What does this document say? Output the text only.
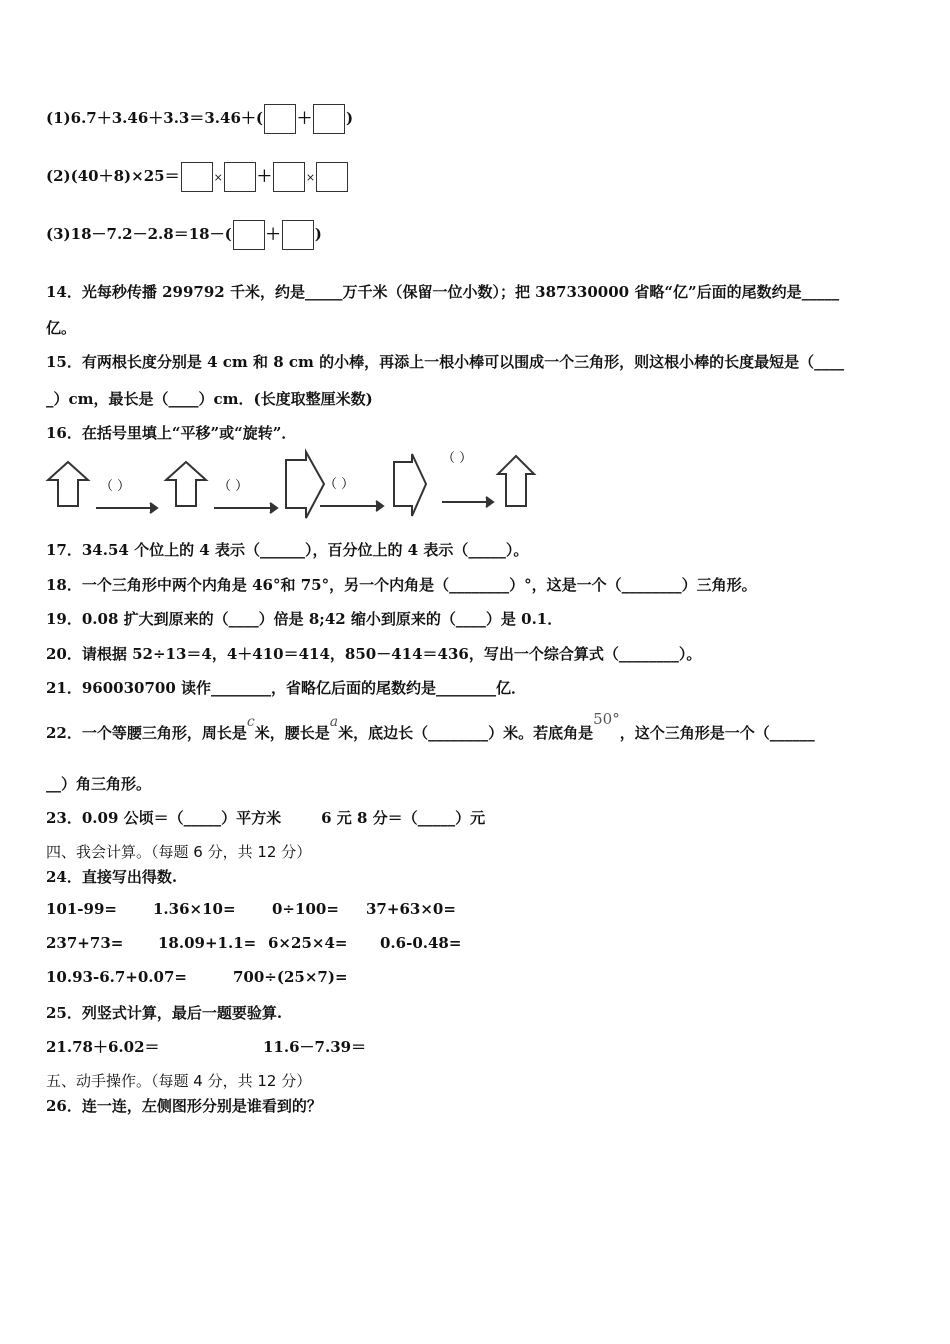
(1)6.7＋3.46＋3.3＝3.46＋( ＋ )
(2)(40＋8)×25＝	× ＋	×
(3)18－7.2－2.8＝18－( ＋ )
14．光每秒传播 299792 千米，约是_____万千米（保留一位小数）；把 387330000 省略“亿”后面的尾数约是_____
亿。
15．有两根长度分别是 4 cm 和 8 cm 的小棒，再添上一根小棒可以围成一个三角形，则这根小棒的长度最短是（____
_）cm，最长是（____）cm．(长度取整厘米数)
16．在括号里填上“平移”或“旋转”．
（ ）	（ ）	（ ）
（ ）
17．34.54 个位上的 4 表示（______），百分位上的 4 表示（_____）。
18．一个三角形中两个内角是 46°和 75°，另一个内角是（________）°，这是一个（________）三角形。
19．0.08 扩大到原来的（____）倍是 8;42 缩小到原来的（____）是 0.1．
20．请根据 52÷13＝4，4＋410＝414，850－414＝436，写出一个综合算式（________）。
21．960030700 读作________，省略亿后面的尾数约是________亿．
22．一个等腰三角形，周长是c米，腰长是a米，底边长（________）米。若底角是50°，这个三角形是一个（______
__）角三角形。
23．0.09 公顷＝（_____）平方米	6 元 8 分＝（_____）元
四、我会计算。（每题 6 分，共 12 分）
24．直接写出得数.
101-99= 1.36×10= 0÷100= 37+63×0=
237+73= 18.09+1.1= 6×25×4= 0.6-0.48=
10.93-6.7+0.07=	700÷(25×7)=
25．列竖式计算，最后一题要验算.
21.78＋6.02＝	11.6－7.39＝
五、动手操作。（每题 4 分，共 12 分）
26．连一连，左侧图形分别是谁看到的？
